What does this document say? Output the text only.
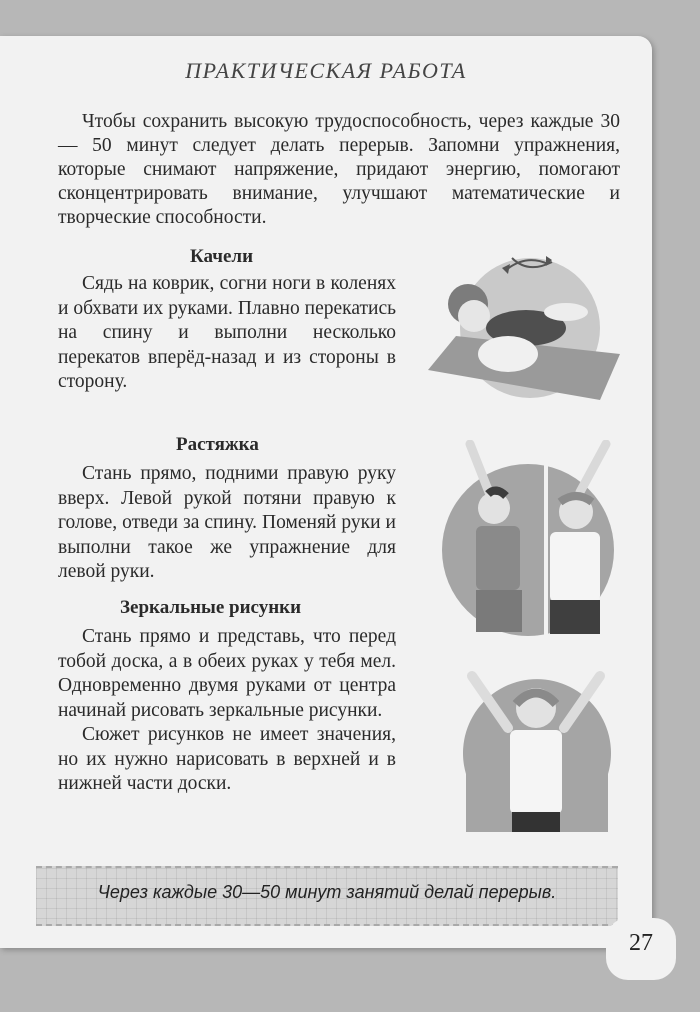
ПРАКТИЧЕСКАЯ РАБОТА
Чтобы сохранить высокую трудоспособность, через каждые 30 — 50 минут следует делать перерыв. Запомни упражнения, которые снимают напряжение, придают энергию, помогают сконцентрировать внимание, улучшают математические и творческие способности.
Качели

Сядь на коврик, согни ноги в коленях и обхвати их руками. Плавно перекатись на спину и выполни несколько перекатов вперёд-назад и из стороны в сторону.

Растяжка

Стань прямо, подними правую руку вверх. Левой рукой потяни правую к голове, отведи за спину. Поменяй руки и выполни такое же упражнение для левой руки.

Зеркальные рисунки

Стань прямо и представь, что перед тобой доска, а в обеих руках у тебя мел. Одновременно двумя руками от центра начинай рисовать зеркальные рисунки.

Сюжет рисунков не имеет значения, но их нужно нарисовать в верхней и в нижней части доски.

Через каждые 30—50 минут занятий делай перерыв.
27
